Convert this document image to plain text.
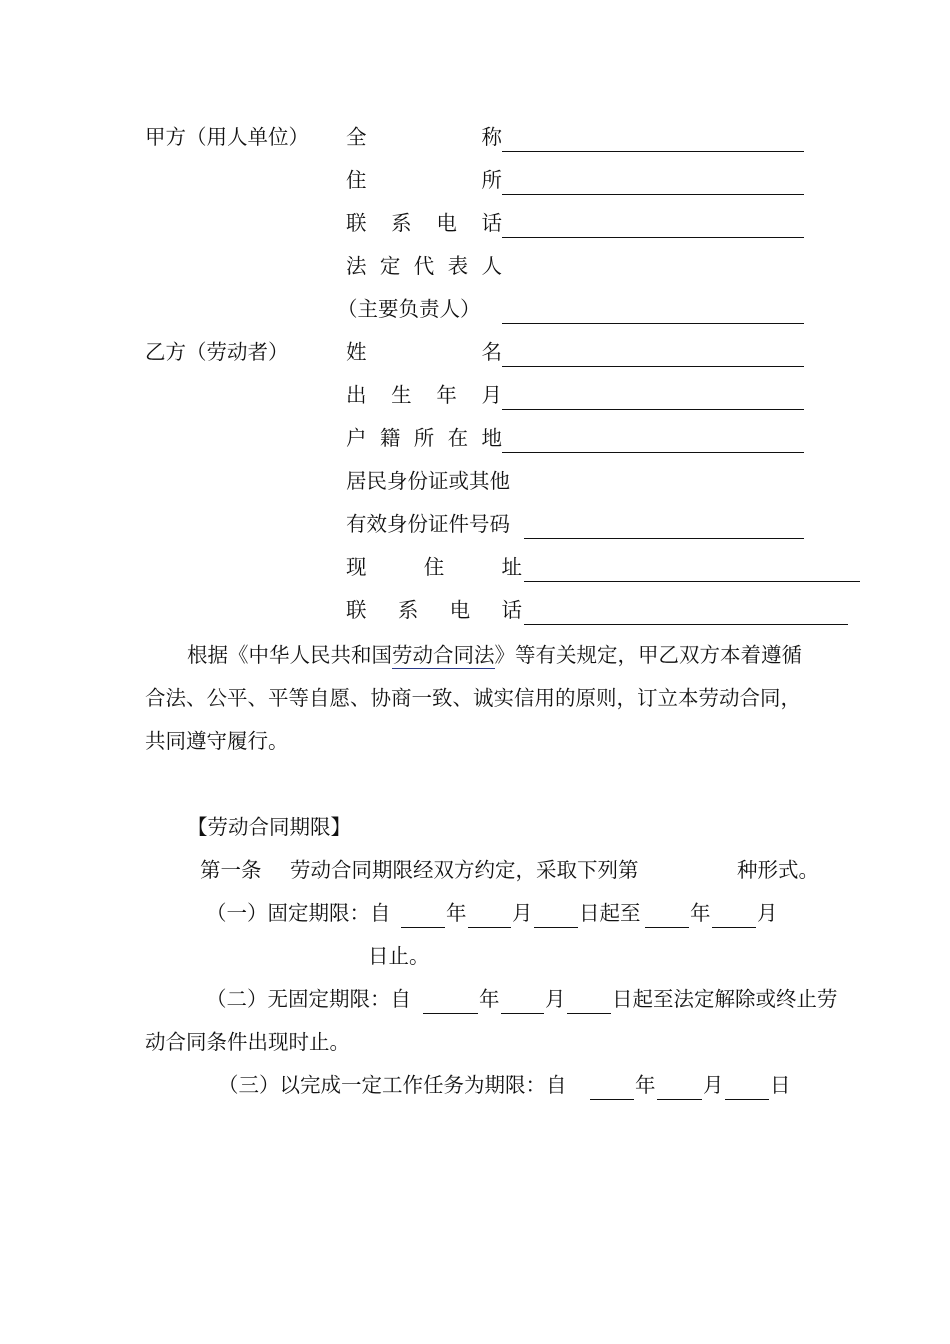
甲方（用人单位） 全	称
住	所
联 系 电 话
法 定 代 表 人
（主要负责人）
乙方（劳动者）	姓	名
出 生 年 月
户 籍 所 在 地
居民身份证或其他
有效身份证件号码
现	住	址
联 系 电 话
根据《中华人民共和国劳动合同法》等有关规定，甲乙双方本着遵循
合法、公平、平等自愿、协商一致、诚实信用的原则，订立本劳动合同，
共同遵守履行。
【劳动合同期限】
第一条 劳动合同期限经双方约定，采取下列第	种形式。
（一）固定期限：自	年 月 日起至 年 月
日止。
（二）无固定期限：自	年 月 日起至法定解除或终止劳
动合同条件出现时止。
（三）以完成一定工作任务为期限：自	年 月 日
